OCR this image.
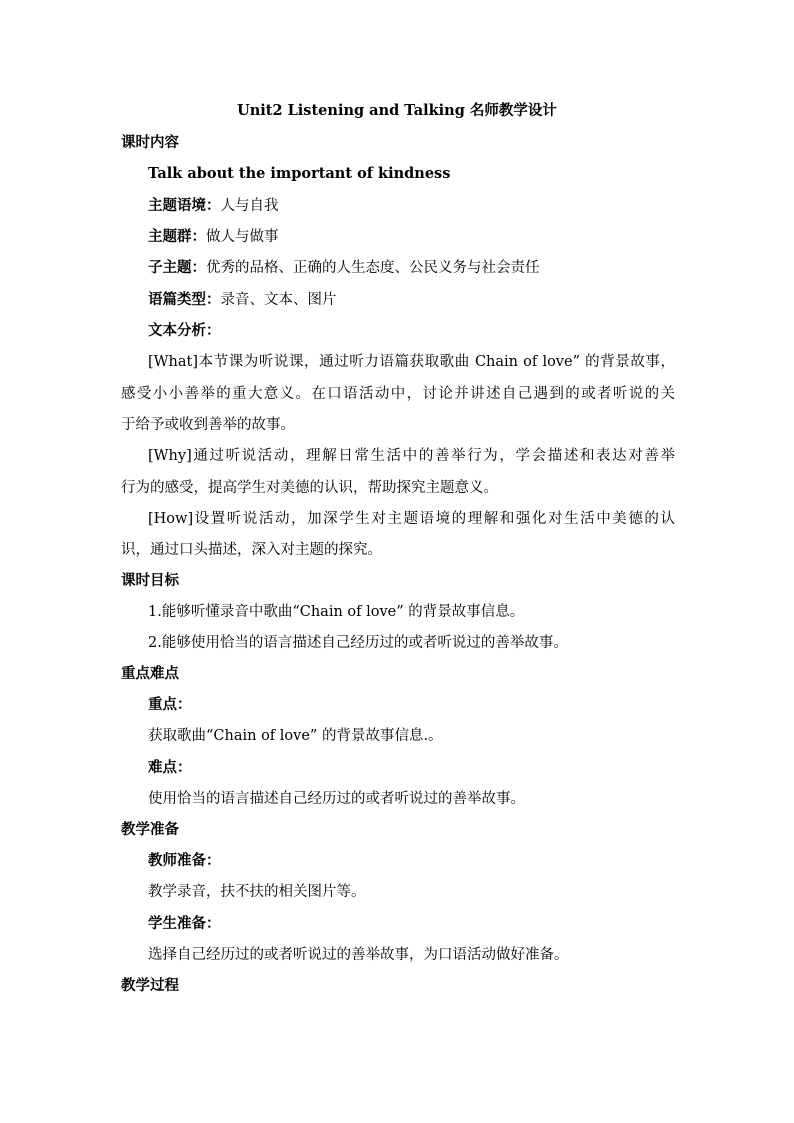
Unit2 Listening and Talking 名师教学设计
课时内容
Talk about the important of kindness
主题语境：人与自我
主题群：做人与做事
子主题：优秀的品格、正确的人生态度、公民义务与社会责任
语篇类型：录音、文本、图片
文本分析：
[What]本节课为听说课，通过听力语篇获取歌曲 Chain of love” 的背景故事，
感受小小善举的重大意义。在口语活动中，讨论并讲述自己遇到的或者听说的关
于给予或收到善举的故事。
[Why]通过听说活动，理解日常生活中的善举行为，学会描述和表达对善举
行为的感受，提高学生对美德的认识，帮助探究主题意义。
[How]设置听说活动，加深学生对主题语境的理解和强化对生活中美德的认
识，通过口头描述，深入对主题的探究。
课时目标
1.能够听懂录音中歌曲“Chain of love” 的背景故事信息。
2.能够使用恰当的语言描述自己经历过的或者听说过的善举故事。
重点难点
重点：
获取歌曲“Chain of love” 的背景故事信息.。
难点：
使用恰当的语言描述自己经历过的或者听说过的善举故事。
教学准备
教师准备：
教学录音，扶不扶的相关图片等。
学生准备：
选择自己经历过的或者听说过的善举故事，为口语活动做好准备。
教学过程
